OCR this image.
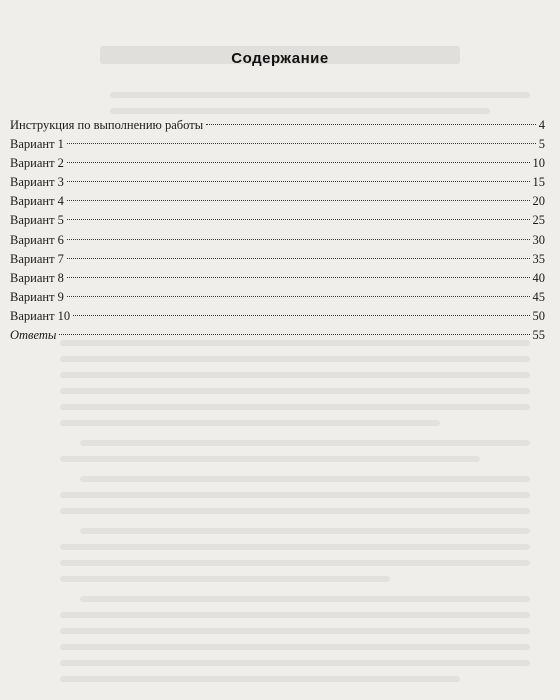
Содержание
Инструкция по выполнению работы	4
Вариант 1	5
Вариант 2	10
Вариант 3	15
Вариант 4	20
Вариант 5	25
Вариант 6	30
Вариант 7	35
Вариант 8	40
Вариант 9	45
Вариант 10	50
Ответы	55
